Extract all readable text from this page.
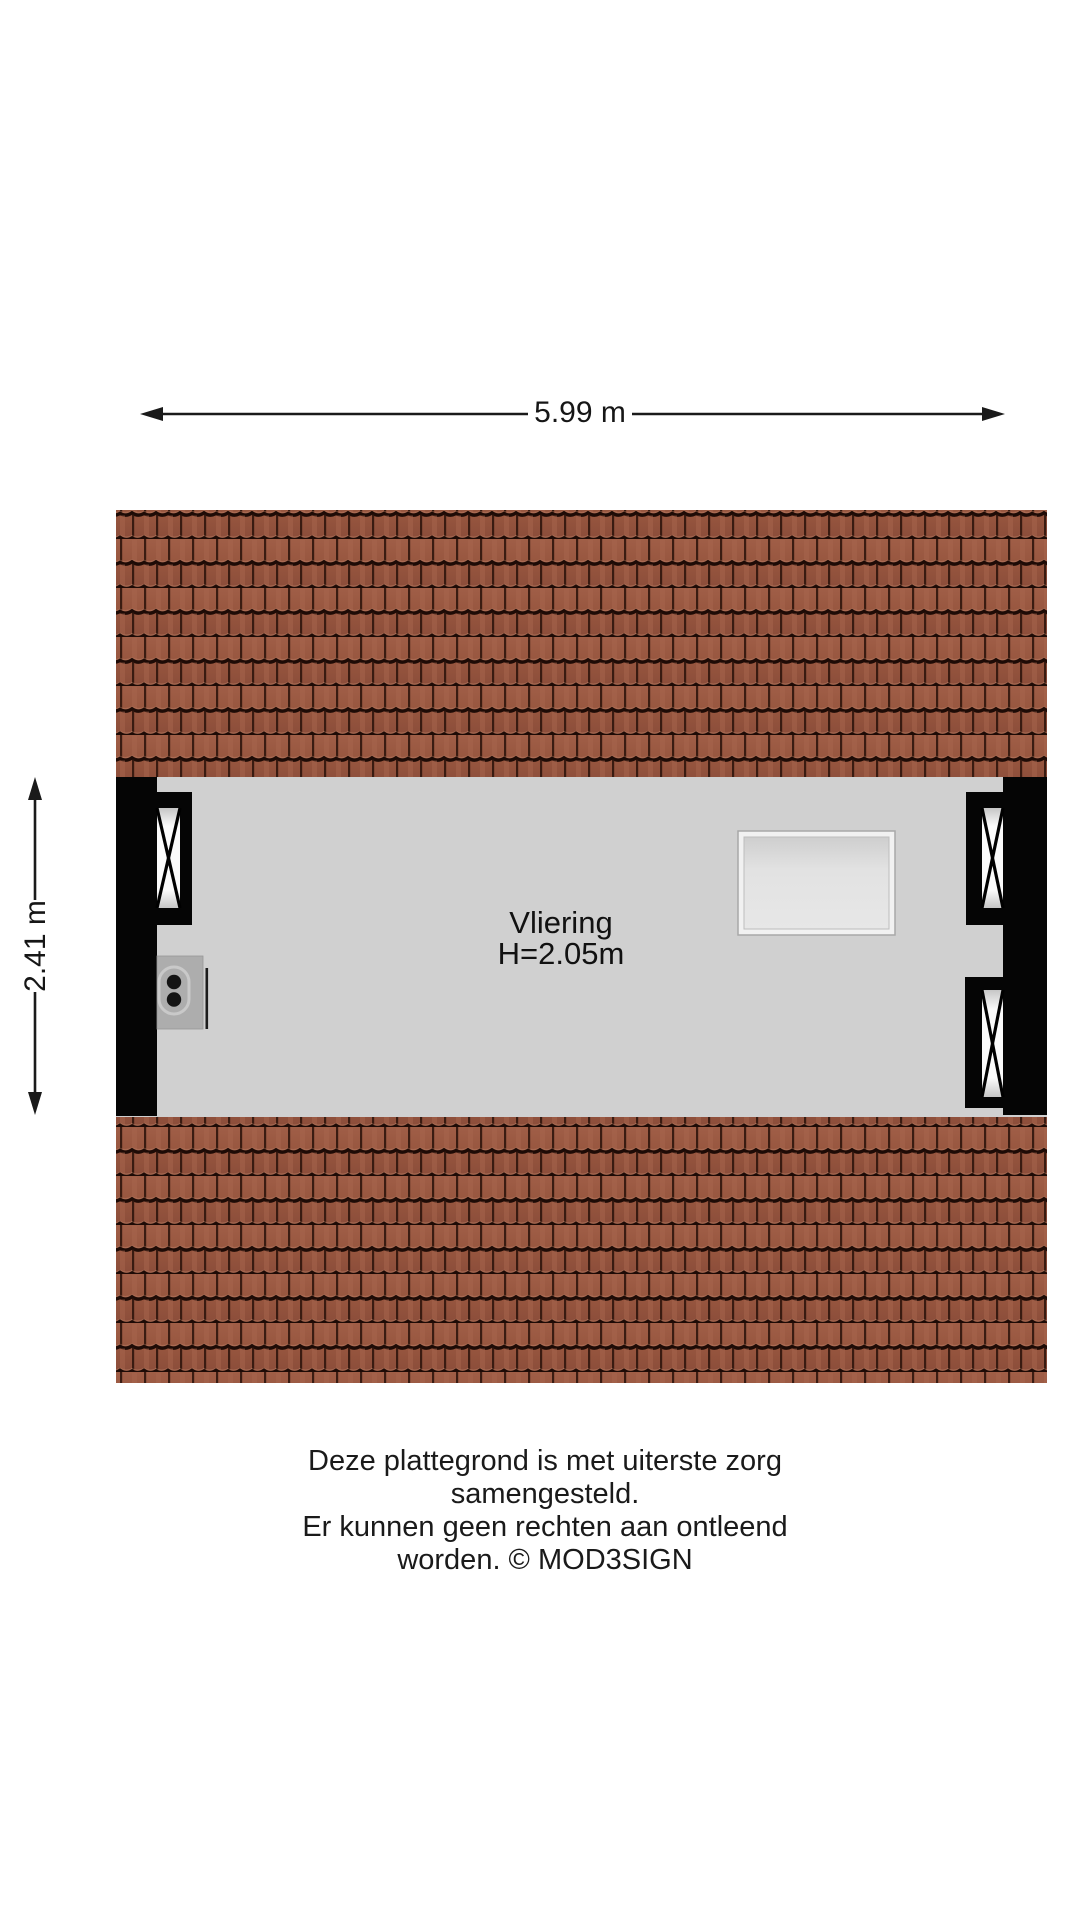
5.99 m
2.41 m	Vliering
H=2.05m
Deze plattegrond is met uiterste zorg samengesteld.
Er kunnen geen rechten aan ontleend worden. © MOD3SIGN
